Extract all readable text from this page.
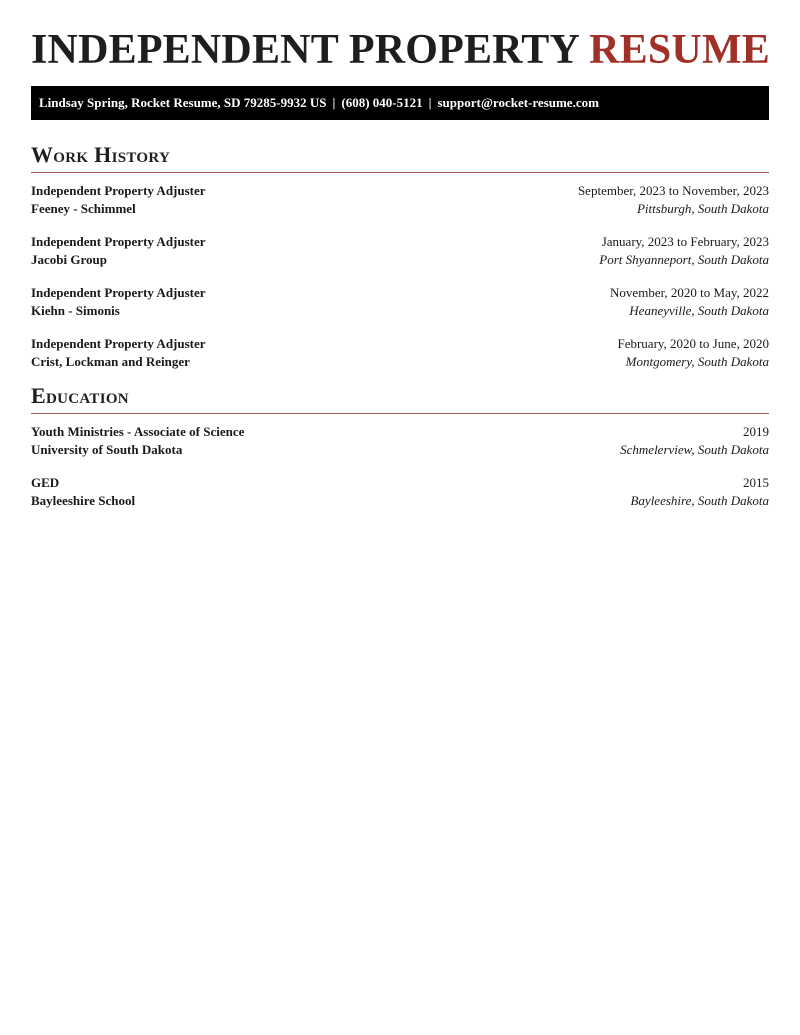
INDEPENDENT PROPERTY RESUME
Lindsay Spring, Rocket Resume, SD 79285-9932 US | (608) 040-5121 | support@rocket-resume.com
Work History
Independent Property Adjuster	September, 2023 to November, 2023
Feeney - Schimmel	Pittsburgh, South Dakota
Independent Property Adjuster	January, 2023 to February, 2023
Jacobi Group	Port Shyanneport, South Dakota
Independent Property Adjuster	November, 2020 to May, 2022
Kiehn - Simonis	Heaneyville, South Dakota
Independent Property Adjuster	February, 2020 to June, 2020
Crist, Lockman and Reinger	Montgomery, South Dakota
Education
Youth Ministries - Associate of Science	2019
University of South Dakota	Schmelerview, South Dakota
GED	2015
Bayleeshire School	Bayleeshire, South Dakota
